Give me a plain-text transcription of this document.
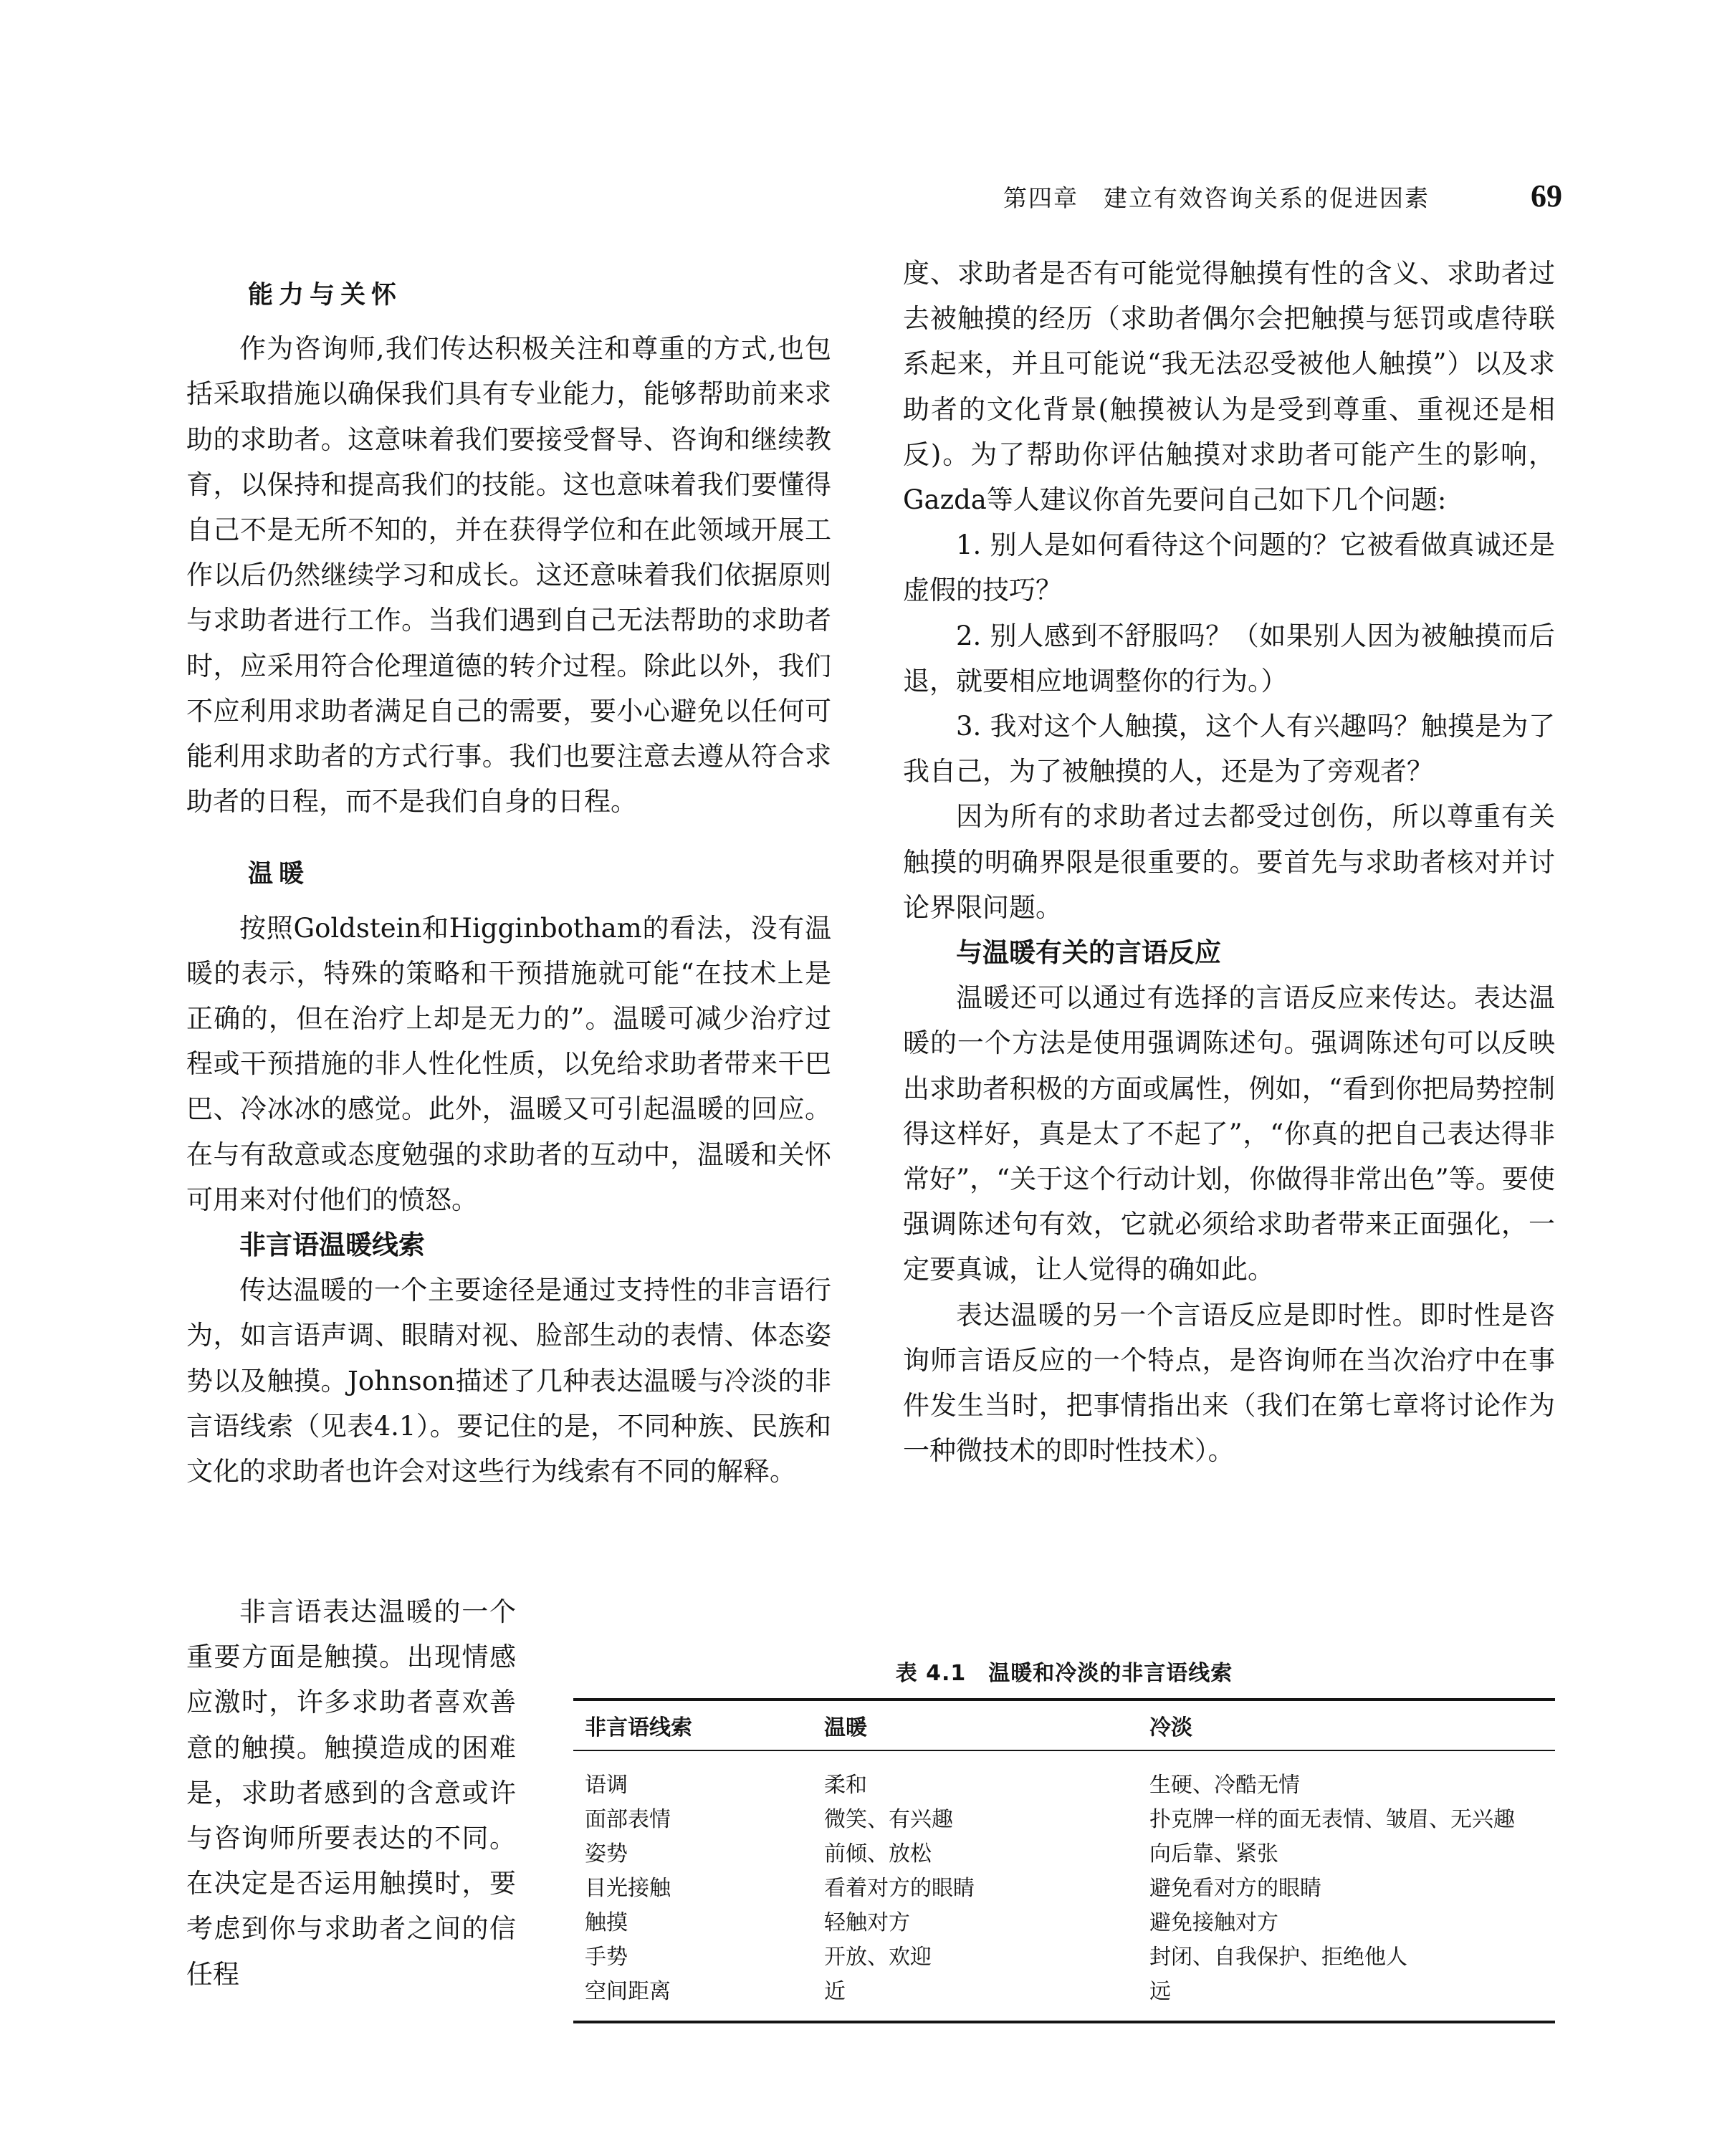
第四章　建立有效咨询关系的促进因素	69
能力与关怀

作为咨询师,我们传达积极关注和尊重的方式,也包括采取措施以确保我们具有专业能力，能够帮助前来求助的求助者。这意味着我们要接受督导、咨询和继续教育，以保持和提高我们的技能。这也意味着我们要懂得自己不是无所不知的，并在获得学位和在此领域开展工作以后仍然继续学习和成长。这还意味着我们依据原则与求助者进行工作。当我们遇到自己无法帮助的求助者时，应采用符合伦理道德的转介过程。除此以外，我们不应利用求助者满足自己的需要，要小心避免以任何可能利用求助者的方式行事。我们也要注意去遵从符合求助者的日程，而不是我们自身的日程。

温暖

按照Goldstein和Higginbotham的看法，没有温暖的表示，特殊的策略和干预措施就可能“在技术上是正确的，但在治疗上却是无力的”。温暖可减少治疗过程或干预措施的非人性化性质，以免给求助者带来干巴巴、冷冰冰的感觉。此外，温暖又可引起温暖的回应。在与有敌意或态度勉强的求助者的互动中，温暖和关怀可用来对付他们的愤怒。

非言语温暖线索

传达温暖的一个主要途径是通过支持性的非言语行为，如言语声调、眼睛对视、脸部生动的表情、体态姿势以及触摸。Johnson描述了几种表达温暖与冷淡的非言语线索（见表4.1）。要记住的是，不同种族、民族和文化的求助者也许会对这些行为线索有不同的解释。

非言语表达温暖的一个重要方面是触摸。出现情感应激时，许多求助者喜欢善意的触摸。触摸造成的困难是，求助者感到的含意或许与咨询师所要表达的不同。在决定是否运用触摸时，要考虑到你与求助者之间的信任程

度、求助者是否有可能觉得触摸有性的含义、求助者过去被触摸的经历（求助者偶尔会把触摸与惩罚或虐待联系起来，并且可能说“我无法忍受被他人触摸”）以及求助者的文化背景(触摸被认为是受到尊重、重视还是相反)。为了帮助你评估触摸对求助者可能产生的影响，Gazda等人建议你首先要问自己如下几个问题:

1. 别人是如何看待这个问题的？它被看做真诚还是虚假的技巧？

2. 别人感到不舒服吗？（如果别人因为被触摸而后退，就要相应地调整你的行为。）

3. 我对这个人触摸，这个人有兴趣吗？触摸是为了我自己，为了被触摸的人，还是为了旁观者？

因为所有的求助者过去都受过创伤，所以尊重有关触摸的明确界限是很重要的。要首先与求助者核对并讨论界限问题。

与温暖有关的言语反应

温暖还可以通过有选择的言语反应来传达。表达温暖的一个方法是使用强调陈述句。强调陈述句可以反映出求助者积极的方面或属性，例如，“看到你把局势控制得这样好，真是太了不起了”，“你真的把自己表达得非常好”，“关于这个行动计划，你做得非常出色”等。要使强调陈述句有效，它就必须给求助者带来正面强化，一定要真诚，让人觉得的确如此。

表达温暖的另一个言语反应是即时性。即时性是咨询师言语反应的一个特点，是咨询师在当次治疗中在事件发生当时，把事情指出来（我们在第七章将讨论作为一种微技术的即时性技术）。

表 4.1　温暖和冷淡的非言语线索
非言语线索	温暖	冷淡
语调	柔和	生硬、冷酷无情
面部表情	微笑、有兴趣	扑克牌一样的面无表情、皱眉、无兴趣
姿势	前倾、放松	向后靠、紧张
目光接触	看着对方的眼睛	避免看对方的眼睛
触摸	轻触对方	避免接触对方
手势	开放、欢迎	封闭、自我保护、拒绝他人
空间距离	近	远
